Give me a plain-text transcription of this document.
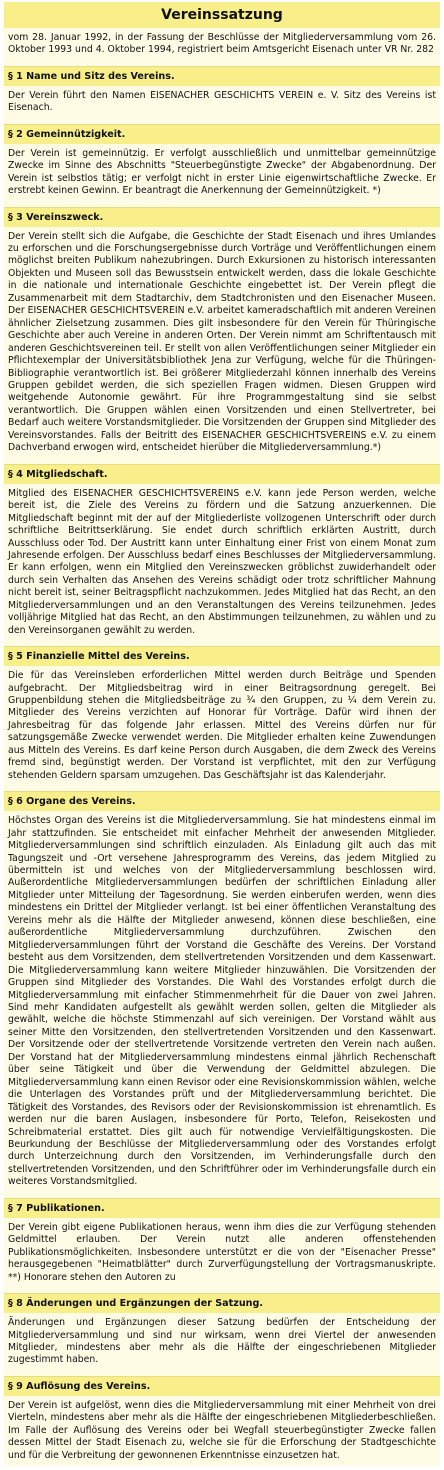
Vereinssatzung

vom 28. Januar 1992, in der Fassung der Beschlüsse der Mitgliederversammlung vom 26. Oktober 1993 und 4. Oktober 1994, registriert beim Amtsgericht Eisenach unter VR Nr. 282

§ 1 Name und Sitz des Vereins.

Der Verein führt den Namen EISENACHER GESCHICHTS VEREIN e. V. Sitz des Vereins ist Eisenach.

§ 2 Gemeinnützigkeit.

Der Verein ist gemeinnützig. Er verfolgt ausschließlich und unmittelbar gemeinnützige Zwecke im Sinne des Abschnitts "Steuerbegünstigte Zwecke" der Abgabenordnung. Der Verein ist selbstlos tätig; er verfolgt nicht in erster Linie eigenwirtschaftliche Zwecke. Er erstrebt keinen Gewinn. Er beantragt die Anerkennung der Gemeinnützigkeit. *)

§ 3 Vereinszweck.

Der Verein stellt sich die Aufgabe, die Geschichte der Stadt Eisenach und ihres Umlandes zu erforschen und die Forschungsergebnisse durch Vorträge und Veröffentlichungen einem möglichst breiten Publikum nahezubringen. Durch Exkursionen zu historisch interessanten Objekten und Museen soll das Bewusstsein entwickelt werden, dass die lokale Geschichte in die nationale und internationale Geschichte eingebettet ist. Der Verein pflegt die Zusammenarbeit mit dem Stadtarchiv, dem Stadtchronisten und den Eisenacher Museen. Der EISENACHER GESCHICHTSVEREIN e.V. arbeitet kameradschaftlich mit anderen Vereinen ähnlicher Zielsetzung zusammen. Dies gilt insbesondere für den Verein für Thüringische Geschichte aber auch Vereine in anderen Orten. Der Verein nimmt am Schriftentausch mit anderen Geschichtsvereinen teil. Er stellt von allen Veröffentlichungen seiner Mitglieder ein Pflichtexemplar der Universitätsbibliothek Jena zur Verfügung, welche für die Thüringen-Bibliographie verantwortlich ist. Bei größerer Mitgliederzahl können innerhalb des Vereins Gruppen gebildet werden, die sich speziellen Fragen widmen. Diesen Gruppen wird weitgehende Autonomie gewährt. Für ihre Programmgestaltung sind sie selbst verantwortlich. Die Gruppen wählen einen Vorsitzenden und einen Stellvertreter, bei Bedarf auch weitere Vorstandsmitglieder. Die Vorsitzenden der Gruppen sind Mitglieder des Vereinsvorstandes. Falls der Beitritt des EISENACHER GESCHICHTSVEREINS e.V. zu einem Dachverband erwogen wird, entscheidet hierüber die Mitgliederversammlung.*)

§ 4 Mitgliedschaft.

Mitglied des EISENACHER GESCHICHTSVEREINS e.V. kann jede Person werden, welche bereit ist, die Ziele des Vereins zu fördern und die Satzung anzuerkennen. Die Mitgliedschaft beginnt mit der auf der Mitgliederliste vollzogenen Unterschrift oder durch schriftliche Beitrittserklärung. Sie endet durch schriftlich erklärten Austritt, durch Ausschluss oder Tod. Der Austritt kann unter Einhaltung einer Frist von einem Monat zum Jahresende erfolgen. Der Ausschluss bedarf eines Beschlusses der Mitgliederversammlung. Er kann erfolgen, wenn ein Mitglied den Vereinszwecken gröblichst zuwiderhandelt oder durch sein Verhalten das Ansehen des Vereins schädigt oder trotz schriftlicher Mahnung nicht bereit ist, seiner Beitragspflicht nachzukommen. Jedes Mitglied hat das Recht, an den Mitgliederversammlungen und an den Veranstaltungen des Vereins teilzunehmen. Jedes volljährige Mitglied hat das Recht, an den Abstimmungen teilzunehmen, zu wählen und zu den Vereinsorganen gewählt zu werden.

§ 5 Finanzielle Mittel des Vereins.

Die für das Vereinsleben erforderlichen Mittel werden durch Beiträge und Spenden aufgebracht. Der Mitgliedsbeitrag wird in einer Beitragsordnung geregelt. Bei Gruppenbildung stehen die Mitgliedsbeiträge zu ¾ den Gruppen, zu ¼ dem Verein zu. Mitglieder des Vereins verzichten auf Honorar für Vorträge. Dafür wird ihnen der Jahresbeitrag für das folgende Jahr erlassen. Mittel des Vereins dürfen nur für satzungsgemäße Zwecke verwendet werden. Die Mitglieder erhalten keine Zuwendungen aus Mitteln des Vereins. Es darf keine Person durch Ausgaben, die dem Zweck des Vereins fremd sind, begünstigt werden. Der Vorstand ist verpflichtet, mit den zur Verfügung stehenden Geldern sparsam umzugehen. Das Geschäftsjahr ist das Kalenderjahr.

§ 6 Organe des Vereins.

Höchstes Organ des Vereins ist die Mitgliederversammlung. Sie hat mindestens einmal im Jahr stattzufinden. Sie entscheidet mit einfacher Mehrheit der anwesenden Mitglieder. Mitgliederversammlungen sind schriftlich einzuladen. Als Einladung gilt auch das mit Tagungszeit und -Ort versehene Jahresprogramm des Vereins, das jedem Mitglied zu übermitteln ist und welches von der Mitgliederversammlung beschlossen wird. Außerordentliche Mitgliederversammlungen bedürfen der schriftlichen Einladung aller Mitglieder unter Mitteilung der Tagesordnung. Sie werden einberufen werden, wenn dies mindestens ein Drittel der Mitglieder verlangt. Ist bei einer öffentlichen Veranstaltung des Vereins mehr als die Hälfte der Mitglieder anwesend, können diese beschließen, eine außerordentliche Mitgliederversammlung durchzuführen. Zwischen den Mitgliederversammlungen führt der Vorstand die Geschäfte des Vereins. Der Vorstand besteht aus dem Vorsitzenden, dem stellvertretenden Vorsitzenden und dem Kassenwart. Die Mitgliederversammlung kann weitere Mitglieder hinzuwählen. Die Vorsitzenden der Gruppen sind Mitglieder des Vorstandes. Die Wahl des Vorstandes erfolgt durch die Mitgliederversammlung mit einfacher Stimmenmehrheit für die Dauer von zwei Jahren. Sind mehr Kandidaten aufgestellt als gewählt werden sollen, gelten die Mitglieder als gewählt, welche die höchste Stimmenzahl auf sich vereinigen. Der Vorstand wählt aus seiner Mitte den Vorsitzenden, den stellvertretenden Vorsitzenden und den Kassenwart. Der Vorsitzende oder der stellvertretende Vorsitzende vertreten den Verein nach außen. Der Vorstand hat der Mitgliederversammlung mindestens einmal jährlich Rechenschaft über seine Tätigkeit und über die Verwendung der Geldmittel abzulegen. Die Mitgliederversammlung kann einen Revisor oder eine Revisionskommission wählen, welche die Unterlagen des Vorstandes prüft und der Mitgliederversammlung berichtet. Die Tätigkeit des Vorstandes, des Revisors oder der Revisionskommission ist ehrenamtlich. Es werden nur die baren Auslagen, insbesondere für Porto, Telefon, Reisekosten und Schreibmaterial erstattet. Dies gilt auch für notwendige Vervielfältigungskosten. Die Beurkundung der Beschlüsse der Mitgliederversammlung oder des Vorstandes erfolgt durch Unterzeichnung durch den Vorsitzenden, im Verhinderungsfalle durch den stellvertretenden Vorsitzenden, und den Schriftführer oder im Verhinderungsfalle durch ein weiteres Vorstandsmitglied.

§ 7 Publikationen.

Der Verein gibt eigene Publikationen heraus, wenn ihm dies die zur Verfügung stehenden Geldmittel erlauben. Der Verein nutzt alle anderen offenstehenden Publikationsmöglichkeiten. Insbesondere unterstützt er die von der "Eisenacher Presse" herausgegebenen "Heimatblätter" durch Zurverfügungstellung der Vortragsmanuskripte. **) Honorare stehen den Autoren zu

§ 8 Änderungen und Ergänzungen der Satzung.

Änderungen und Ergänzungen dieser Satzung bedürfen der Entscheidung der Mitgliederversammlung und sind nur wirksam, wenn drei Viertel der anwesenden Mitglieder, mindestens aber mehr als die Hälfte der eingeschriebenen Mitglieder zugestimmt haben.

§ 9 Auflösung des Vereins.

Der Verein ist aufgelöst, wenn dies die Mitgliederversammlung mit einer Mehrheit von drei Vierteln, mindestens aber mehr als die Hälfte der eingeschriebenen Mitgliederbeschließen. Im Falle der Auflösung des Vereins oder bei Wegfall steuerbegünstigter Zwecke fallen dessen Mittel der Stadt Eisenach zu, welche sie für die Erforschung der Stadtgeschichte und für die Verbreitung der gewonnenen Erkenntnisse einzusetzen hat.
